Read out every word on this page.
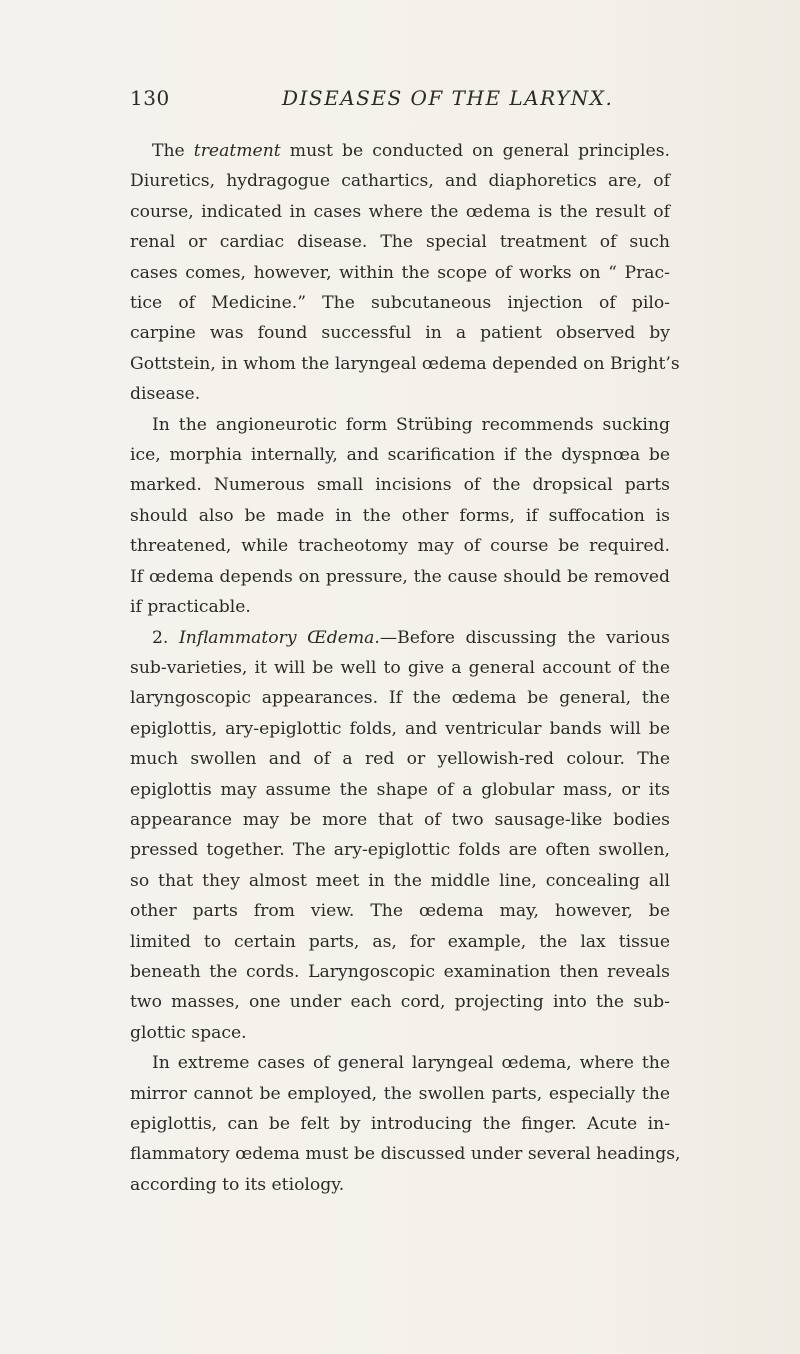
130	DISEASES OF THE LARYNX.
The treatment must be conducted on general principles.
Diuretics, hydragogue cathartics, and diaphoretics are, of
course, indicated in cases where the œdema is the result of
renal or cardiac disease. The special treatment of such
cases comes, however, within the scope of works on “ Prac-
tice of Medicine.” The subcutaneous injection of pilo-
carpine was found successful in a patient observed by
Gottstein, in whom the laryngeal œdema depended on Bright’s
disease.
In the angioneurotic form Strübing recommends sucking
ice, morphia internally, and scarification if the dyspnœa be
marked. Numerous small incisions of the dropsical parts
should also be made in the other forms, if suffocation is
threatened, while tracheotomy may of course be required.
If œdema depends on pressure, the cause should be removed
if practicable.
2. Inflammatory Œdema.—Before discussing the various
sub-varieties, it will be well to give a general account of the
laryngoscopic appearances. If the œdema be general, the
epiglottis, ary-epiglottic folds, and ventricular bands will be
much swollen and of a red or yellowish-red colour. The
epiglottis may assume the shape of a globular mass, or its
appearance may be more that of two sausage-like bodies
pressed together. The ary-epiglottic folds are often swollen,
so that they almost meet in the middle line, concealing all
other parts from view. The œdema may, however, be
limited to certain parts, as, for example, the lax tissue
beneath the cords. Laryngoscopic examination then reveals
two masses, one under each cord, projecting into the sub-
glottic space.
In extreme cases of general laryngeal œdema, where the
mirror cannot be employed, the swollen parts, especially the
epiglottis, can be felt by introducing the finger. Acute in-
flammatory œdema must be discussed under several headings,
according to its etiology.
